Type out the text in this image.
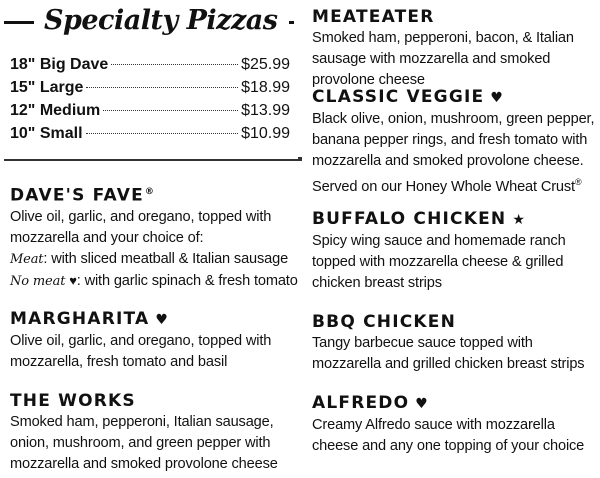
Specialty Pizzas
18" Big Dave	$25.99
15" Large	$18.99
12" Medium	$13.99
10" Small	$10.99
DAVE'S FAVE®
Olive oil, garlic, and oregano, topped with mozzarella and your choice of:
Meat: with sliced meatball & Italian sausage
No meat ♥: with garlic spinach & fresh tomato
MARGHARITA ♥
Olive oil, garlic, and oregano, topped with mozzarella, fresh tomato and basil
THE WORKS
Smoked ham, pepperoni, Italian sausage, onion, mushroom, and green pepper with mozzarella and smoked provolone cheese
MEATEATER
Smoked ham, pepperoni, bacon, & Italian sausage with mozzarella and smoked provolone cheese
CLASSIC VEGGIE ♥
Black olive, onion, mushroom, green pepper, banana pepper rings, and fresh tomato with mozzarella and smoked provolone cheese.
Served on our Honey Whole Wheat Crust®
BUFFALO CHICKEN ★
Spicy wing sauce and homemade ranch topped with mozzarella cheese & grilled chicken breast strips
BBQ CHICKEN
Tangy barbecue sauce topped with mozzarella and grilled chicken breast strips
ALFREDO ♥
Creamy Alfredo sauce with mozzarella cheese and any one topping of your choice
